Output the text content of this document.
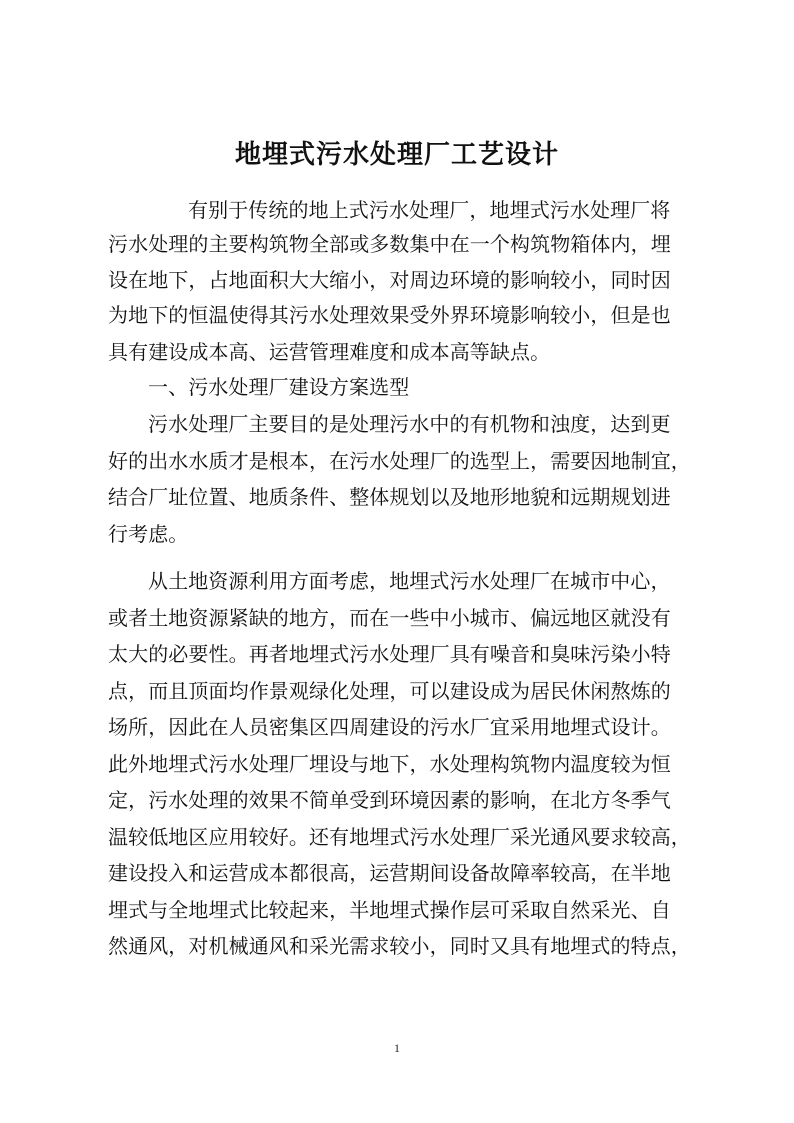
地埋式污水处理厂工艺设计

有别于传统的地上式污水处理厂，地埋式污水处理厂将

污水处理的主要构筑物全部或多数集中在一个构筑物箱体内，埋

设在地下，占地面积大大缩小，对周边环境的影响较小，同时因

为地下的恒温使得其污水处理效果受外界环境影响较小，但是也

具有建设成本高、运营管理难度和成本高等缺点。

一、污水处理厂建设方案选型

污水处理厂主要目的是处理污水中的有机物和浊度，达到更

好的出水水质才是根本，在污水处理厂的选型上，需要因地制宜，

结合厂址位置、地质条件、整体规划以及地形地貌和远期规划进

行考虑。

从土地资源利用方面考虑，地埋式污水处理厂在城市中心，

或者土地资源紧缺的地方，而在一些中小城市、偏远地区就没有

太大的必要性。再者地埋式污水处理厂具有噪音和臭味污染小特

点，而且顶面均作景观绿化处理，可以建设成为居民休闲熬炼的

场所，因此在人员密集区四周建设的污水厂宜采用地埋式设计。

此外地埋式污水处理厂埋设与地下，水处理构筑物内温度较为恒

定，污水处理的效果不简单受到环境因素的影响，在北方冬季气

温较低地区应用较好。还有地埋式污水处理厂采光通风要求较高，

建设投入和运营成本都很高，运营期间设备故障率较高，在半地

埋式与全地埋式比较起来，半地埋式操作层可采取自然采光、自

然通风，对机械通风和采光需求较小，同时又具有地埋式的特点，

1
